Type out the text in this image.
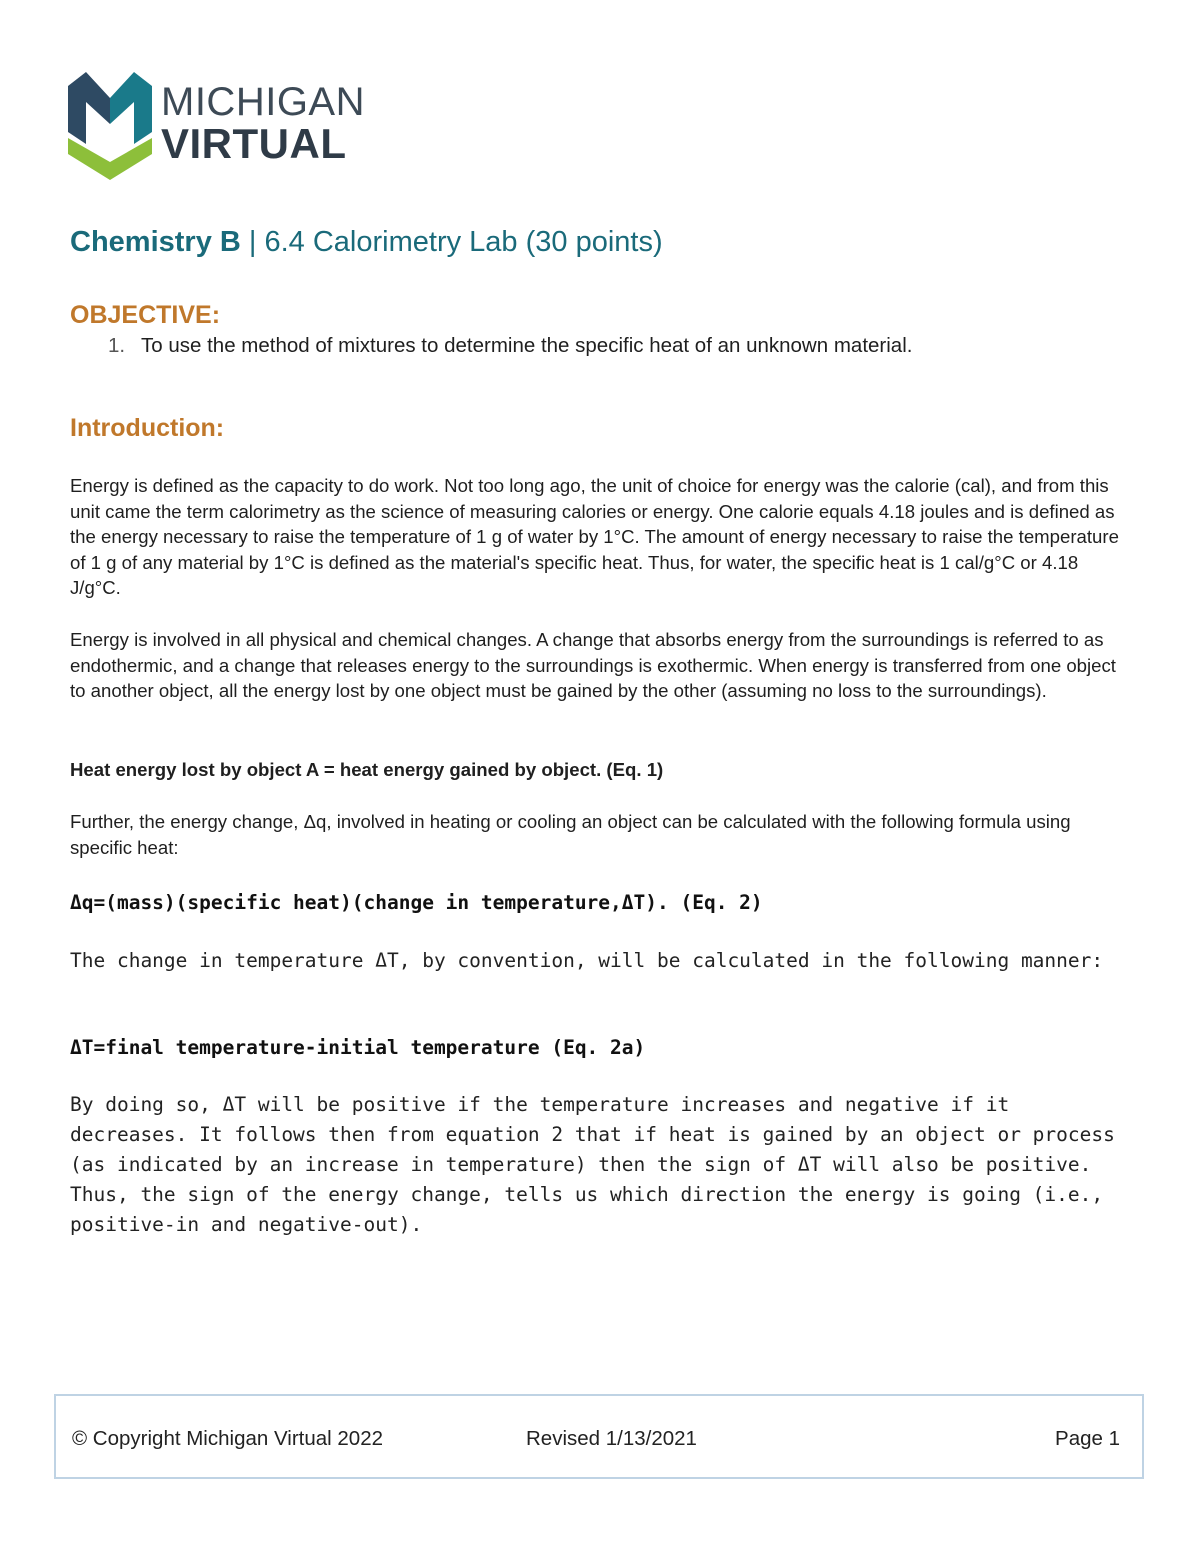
MICHIGAN
VIRTUAL
Chemistry B | 6.4 Calorimetry Lab (30 points)
OBJECTIVE:
1. To use the method of mixtures to determine the specific heat of an unknown material.
Introduction:

Energy is defined as the capacity to do work. Not too long ago, the unit of choice for energy was the calorie (cal), and from this unit came the term calorimetry as the science of measuring calories or energy. One calorie equals 4.18 joules and is defined as the energy necessary to raise the temperature of 1 g of water by 1°C. The amount of energy necessary to raise the temperature of 1 g of any material by 1°C is defined as the material's specific heat. Thus, for water, the specific heat is 1 cal/g°C or 4.18 J/g°C.

Energy is involved in all physical and chemical changes. A change that absorbs energy from the surroundings is referred to as endothermic, and a change that releases energy to the surroundings is exothermic. When energy is transferred from one object to another object, all the energy lost by one object must be gained by the other (assuming no loss to the surroundings).

Heat energy lost by object A = heat energy gained by object. (Eq. 1)

Further, the energy change, Δq, involved in heating or cooling an object can be calculated with the following formula using specific heat:

Δq=(mass)(specific heat)(change in temperature,ΔT). (Eq. 2)

The change in temperature ΔT, by convention, will be calculated in the following manner:

ΔT=final temperature-initial temperature (Eq. 2a)

By doing so, ΔT will be positive if the temperature increases and negative if it decreases. It follows then from equation 2 that if heat is gained by an object or process (as indicated by an increase in temperature) then the sign of ΔT will also be positive. Thus, the sign of the energy change, tells us which direction the energy is going (i.e., positive-in and negative-out).

© Copyright Michigan Virtual 2022	Revised 1/13/2021	Page 1
